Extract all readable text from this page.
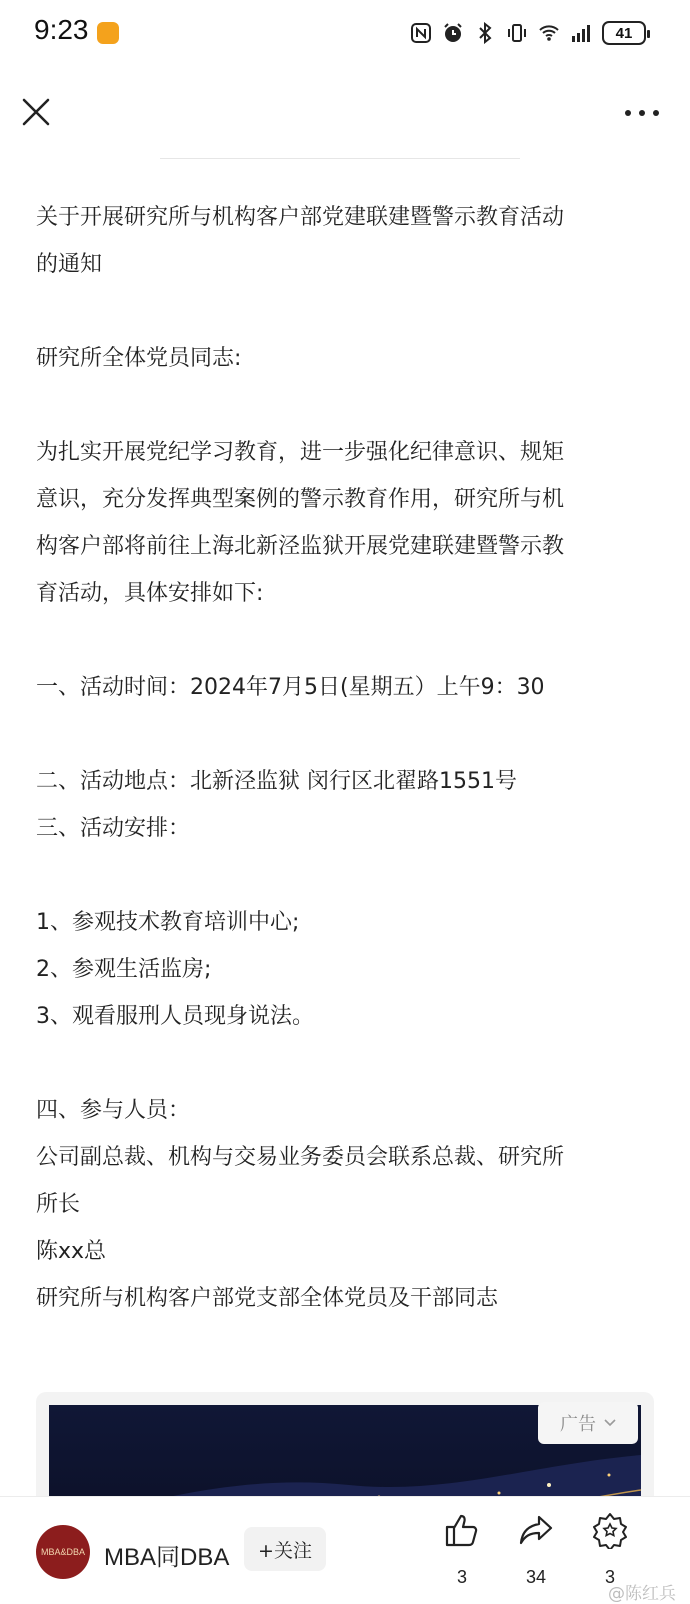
9:23	41

关于开展研究所与机构客户部党建联建暨警示教育活动

的通知

研究所全体党员同志:

为扎实开展党纪学习教育，进一步强化纪律意识、规矩

意识，充分发挥典型案例的警示教育作用，研究所与机

构客户部将前往上海北新泾监狱开展党建联建暨警示教

育活动，具体安排如下:

一、活动时间：2024年7月5日(星期五）上午9：30

二、活动地点：北新泾监狱 闵行区北翟路1551号

三、活动安排：

1、参观技术教育培训中心;

2、参观生活监房;

3、观看服刑人员现身说法。

四、参与人员：

公司副总裁、机构与交易业务委员会联系总裁、研究所

所长

陈xx总

研究所与机构客户部党支部全体党员及干部同志

广告
MBA&DBA MBA同DBA	+关注
3	34	3
@陈红兵
